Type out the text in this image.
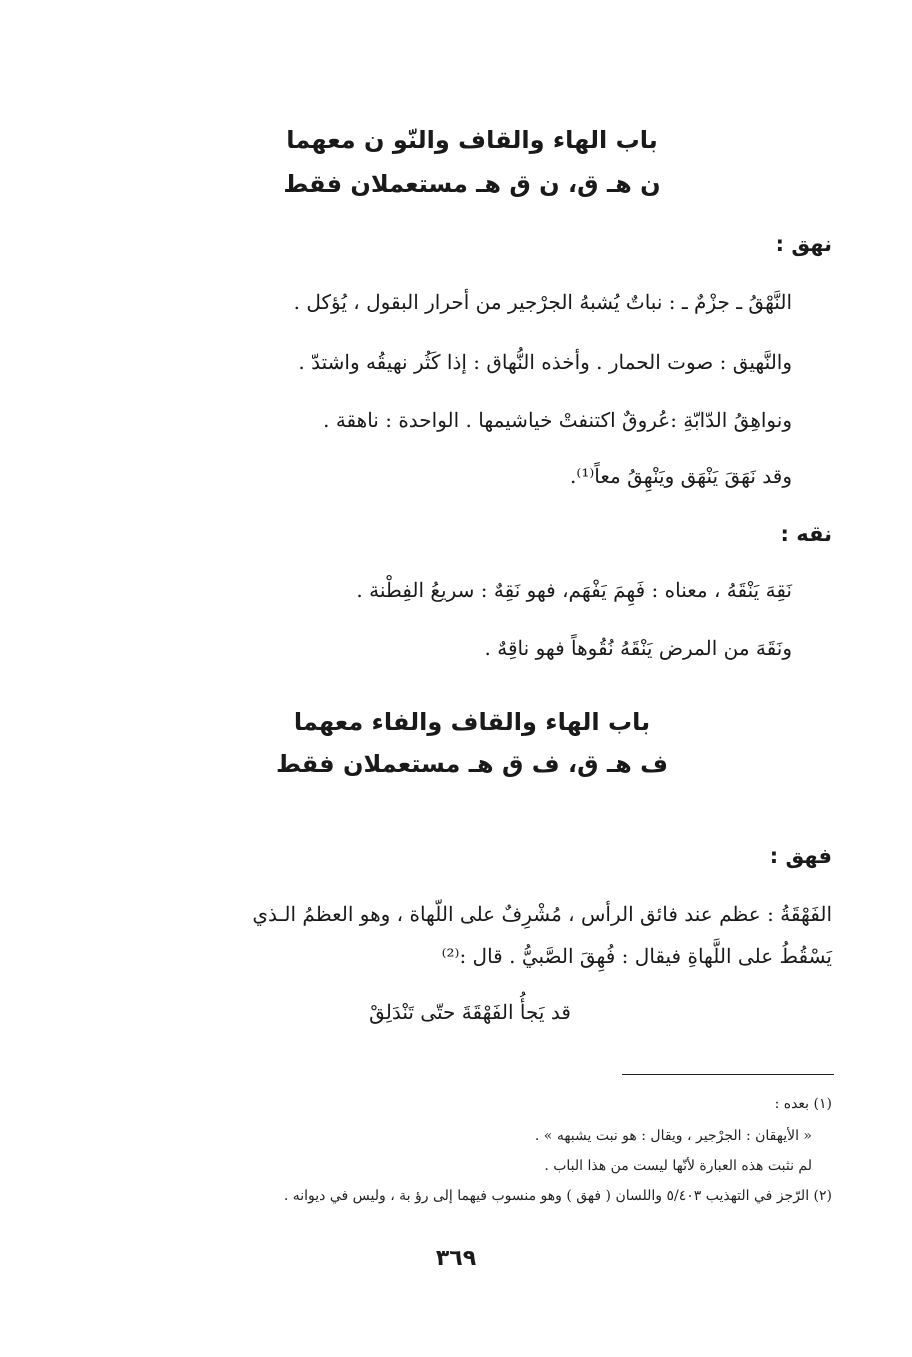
باب الهاء والقاف والنّو ن معهما
ن هـ ق، ن ق هـ مستعملان فقط
نهق :
النَّهْقُ ـ جزْمٌ ـ : نباتٌ يُشبهُ الجرْجير من أحرار البقول ، يُؤكل .
والنَّهيق : صوت الحمار . وأخذه النُّهاق : إذا كَثُر نهيقُه واشتدّ .
ونواهِقُ الدّابّةِ :عُروقٌ اكتنفتْ خياشيمها . الواحدة : ناهقة .
وقد نَهَقَ يَنْهَق ويَنْهِقُ معاً⁽¹⁾.
نقه :
نَقِهَ يَنْقَهُ ، معناه : فَهِمَ يَفْهَم، فهو نَقِهٌ : سريعُ الفِطْنة .
ونَقَهَ من المرض يَنْقَهُ نُقُوهاً فهو ناقِهٌ .
باب الهاء والقاف والفاء معهما
ف هـ ق، ف ق هـ مستعملان فقط
فهق :
الفَهْقَةُ : عظم عند فائق الرأس ، مُشْرِفٌ على اللّهاة ، وهو العظمُ الـذي
يَسْقُطُ على اللَّهاةِ فيقال : فُهِقَ الصَّبيُّ . قال :⁽²⁾
قد يَجأُ الفَهْقَةَ حتّى تَنْدَلِقْ
(١) بعده :
« الأيهقان : الجرْجير ، ويقال : هو نبت يشبهه » .
لم نثبت هذه العبارة لأنّها ليست من هذا الباب .
(٢) الرّجز في التهذيب ٥/٤٠٣ واللسان ( فهق ) وهو منسوب فيهما إلى رؤ بة ، وليس في ديوانه .
٣٦٩
